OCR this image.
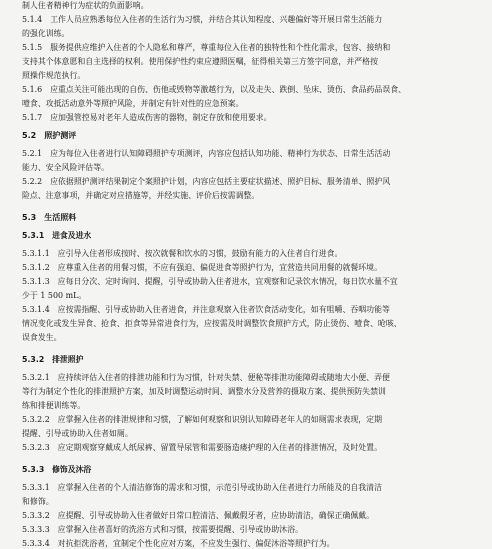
制人住者精神行为症状的负面影响。
5.1.4　工作人员应熟悉每位入住者的生活行为习惯，并结合其认知程度、兴趣偏好等开展日常生活能力
的强化训练。
5.1.5　服务提供应维护入住者的个人隐私和尊严，尊重每位入住者的独特性和个性化需求，包容、接纳和
支持其个体意愿和自主选择的权利。使用保护性约束应遵照医嘱，征得相关第三方签字同意，并严格按
照操作规范执行。
5.1.6　应重点关注可能出现的自伤、伤他或毁物等激越行为，以及走失、跌倒、坠床、烫伤、食品药品误食、
噎食、攻抵活动意外等照护风险，并制定有针对性的应急预案。
5.1.7　应加强管控易对老年人造成伤害的器物，制定存放和使用要求。
5.2　照护测评
5.2.1　应为每位入住者进行认知障碍照护专项测评，内容应包括认知功能、精神行为状态、日常生活活动
能力、安全风险评估等。
5.2.2　应依据照护测评结果制定个案照护计划，内容应包括主要症状描述、照护目标、服务清单、照护风
险点、注意事项，并确定对应措施等，并经实施、评价后按需调整。
5.3　生活照料
5.3.1　进食及进水
5.3.1.1　应引导入住者形成按时、按次就餐和饮水的习惯，鼓励有能力的入住者自行进食。
5.3.1.2　应尊重入住者的用餐习惯，不应有强迫、偏促进食等照护行为，宜营造共同用餐的就餐环境。
5.3.1.3　应每日分次、定时询问、提醒，引导或协助入住者进水，宜观察和记录饮水情况，每日饮水量不宜
少于 1 500 mL。
5.3.1.4　应按需指醒、引导或协助入住者进食，并注意观察入住者饮食活动变化，如有咀嚼、吞咽功能等
情况变化或发生异食、抢食、拒食等异常进食行为，应按需及时调整饮食照护方式，防止烫伤、噎食、呛咳、
误食发生。
5.3.2　排泄照护
5.3.2.1　应持续评估入住者的排泄功能和行为习惯，针对失禁、便秘等排泄功能障碍或随地大小便、弄便
等行为制定个性化的排泄照护方案，加及时调整运动时间、调整水分及营养的摄取方案、提供预防失禁训
练和排便训练等。
5.3.2.2　应掌握入住者的排泄规律和习惯，了解如何观察和识别认知障碍老年人的如厕需求表现，定期
提醒、引导或协助入住者如厕。
5.3.2.3　应定期观察穿戴成人纸尿裤、留置导尿管和需要肠造瘘护理的入住者的排泄情况，及时处置。
5.3.3　修饰及沐浴
5.3.3.1　应掌握入住者的个人清洁修饰的需求和习惯，示范引导或协助入住者进行力所能及的自我清洁
和修饰。
5.3.3.2　应提醒、引导或协助入住者做好日常口腔清洁、佩戴假牙者，应协助清洁，确保正确佩戴。
5.3.3.3　应掌握入住者喜好的洗浴方式和习惯，按需要提醒、引导或协助沐浴。
5.3.3.4　对抗拒洗浴者，宜制定个性化应对方案，不应发生强行、偏促沐浴等照护行为。
